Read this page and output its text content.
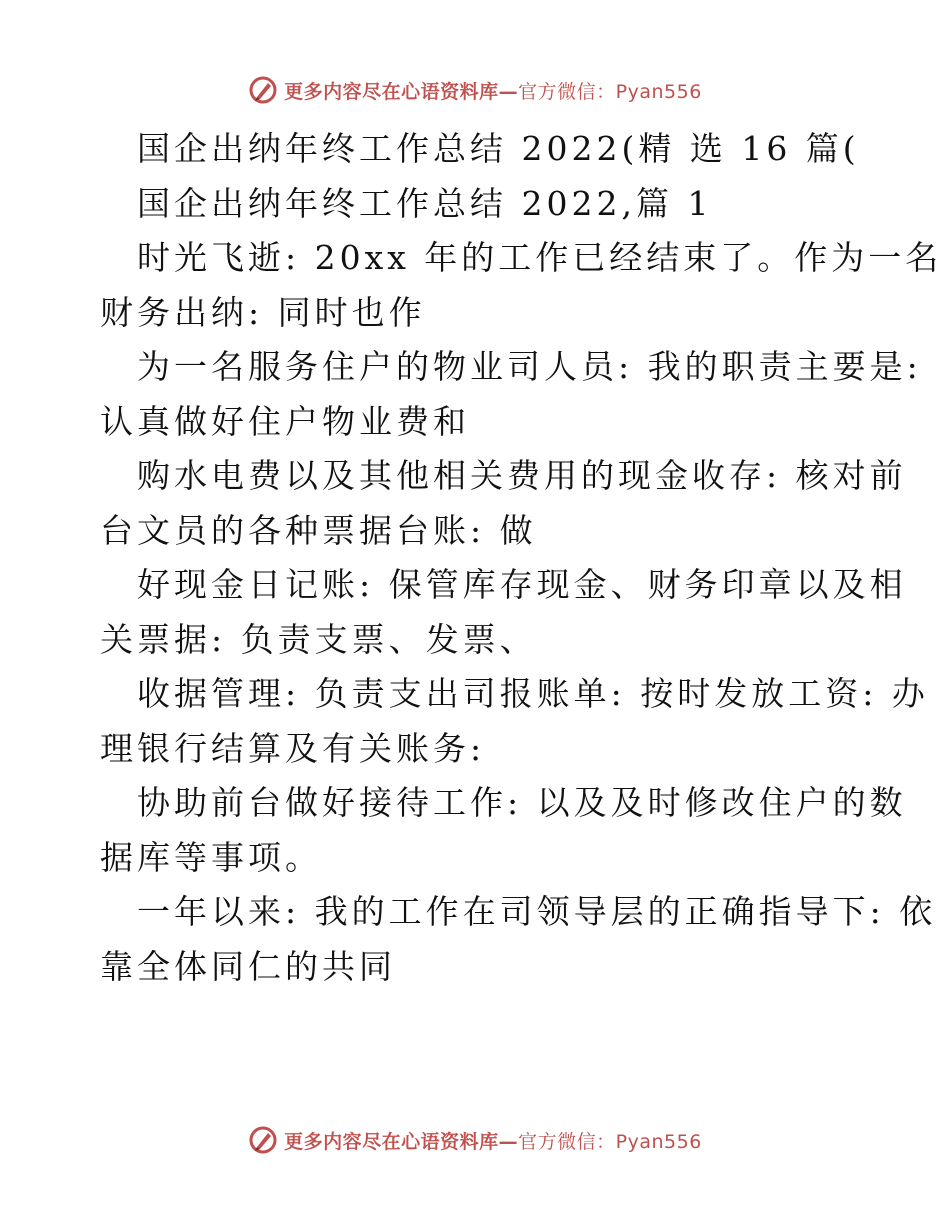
更多内容尽在心语资料库—官方微信：Pyan556
国企出纳年终工作总结 2022(精 选 16 篇(
国企出纳年终工作总结 2022,篇 1
时光飞逝: 20xx 年的工作已经结束了。作为一名
财务出纳: 同时也作
为一名服务住户的物业司人员: 我的职责主要是:
认真做好住户物业费和
购水电费以及其他相关费用的现金收存: 核对前
台文员的各种票据台账: 做
好现金日记账: 保管库存现金、财务印章以及相
关票据: 负责支票、发票、
收据管理: 负责支出司报账单: 按时发放工资: 办
理银行结算及有关账务:
协助前台做好接待工作: 以及及时修改住户的数
据库等事项。
一年以来: 我的工作在司领导层的正确指导下: 依
靠全体同仁的共同
更多内容尽在心语资料库—官方微信：Pyan556
